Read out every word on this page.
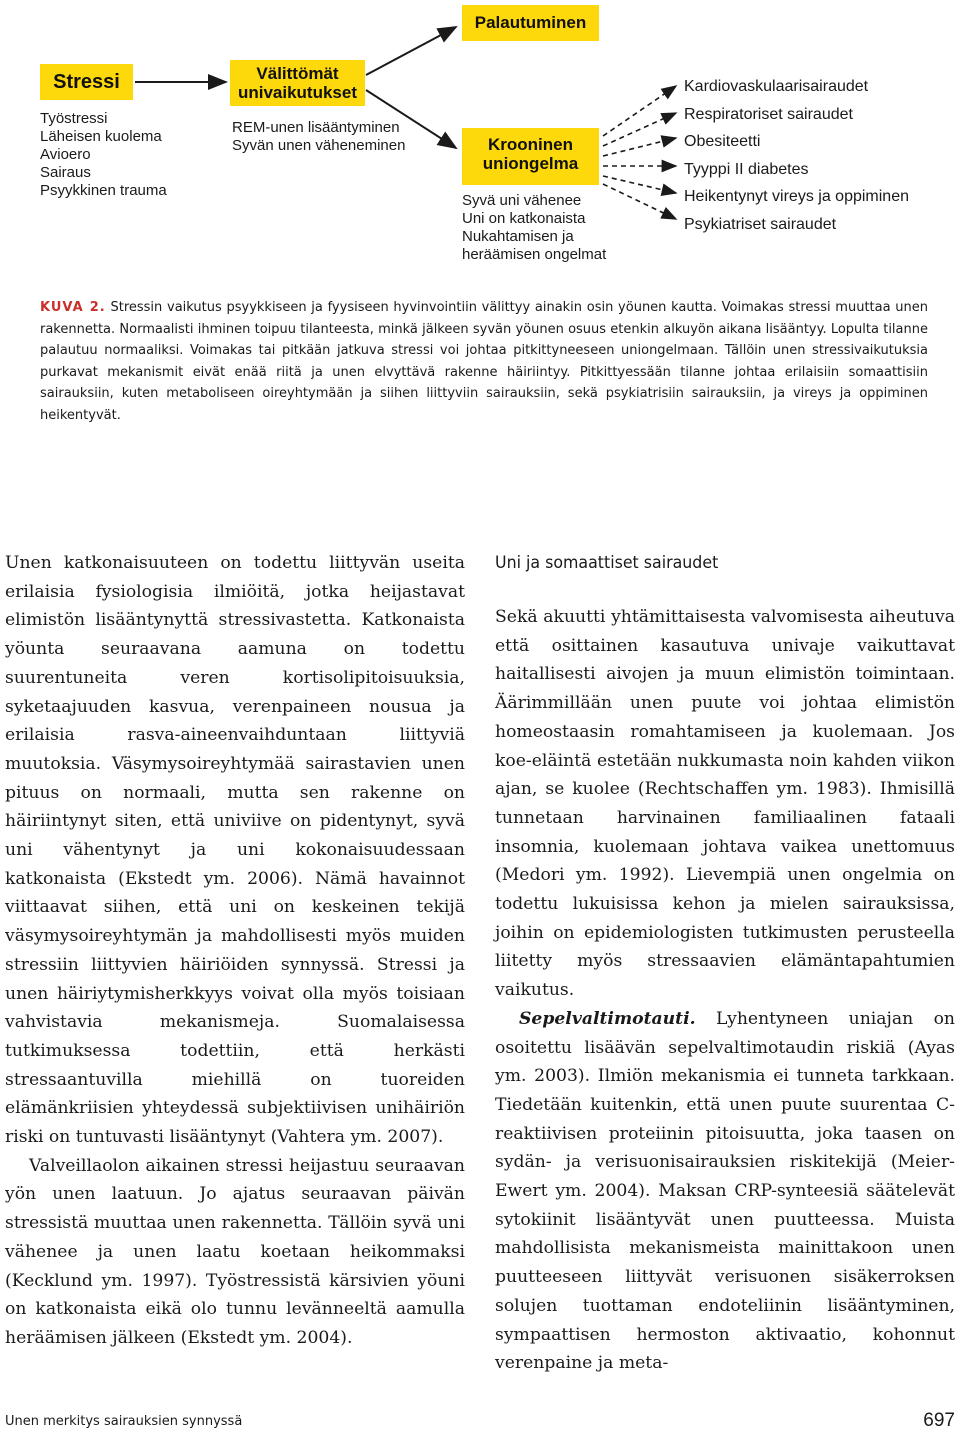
Stressi
Työstressi
Läheisen kuolema
Avioero
Sairaus
Psyykkinen trauma
Välittömät
univaikutukset
REM-unen lisääntyminen
Syvän unen väheneminen
Palautuminen
Krooninen
uniongelma
Syvä uni vähenee
Uni on katkonaista
Nukahtamisen ja
heräämisen ongelmat
Kardiovaskulaarisairaudet
Respiratoriset sairaudet
Obesiteetti
Tyyppi II diabetes
Heikentynyt vireys ja oppiminen
Psykiatriset sairaudet
KUVA 2. Stressin vaikutus psyykkiseen ja fyysiseen hyvinvointiin välittyy ainakin osin yöunen kautta. Voimakas stressi muuttaa unen rakennetta. Normaalisti ihminen toipuu tilanteesta, minkä jälkeen syvän yöunen osuus etenkin alkuyön aikana lisääntyy. Lopulta tilanne palautuu normaaliksi. Voimakas tai pitkään jatkuva stressi voi johtaa pitkittyneeseen uniongelmaan. Tällöin unen stressivaikutuksia purkavat mekanismit eivät enää riitä ja unen elvyttävä rakenne häiriintyy. Pitkittyessään tilanne johtaa erilaisiin somaattisiin sairauksiin, kuten metaboliseen oireyhtymään ja siihen liittyviin sairauksiin, sekä psykiatrisiin sairauksiin, ja vireys ja oppiminen heikentyvät.

Unen katkonaisuuteen on todettu liittyvän useita erilaisia fysiologisia ilmiöitä, jotka heijastavat elimistön lisääntynyttä stressivastetta. Katkonaista yöunta seuraavana aamuna on todettu suurentuneita veren kortisolipitoisuuksia, syketaajuuden kasvua, verenpaineen nousua ja erilaisia rasva-aineenvaihduntaan liittyviä muutoksia. Väsymysoireyhtymää sairastavien unen pituus on normaali, mutta sen rakenne on häiriintynyt siten, että univiive on pidentynyt, syvä uni vähentynyt ja uni kokonaisuudessaan katkonaista (Ekstedt ym. 2006). Nämä havainnot viittaavat siihen, että uni on keskeinen tekijä väsymysoireyhtymän ja mahdollisesti myös muiden stressiin liittyvien häiriöiden synnyssä. Stressi ja unen häiriytymisherkkyys voivat olla myös toisiaan vahvistavia mekanismeja. Suomalaisessa tutkimuksessa todettiin, että herkästi stressaantuvilla miehillä on tuoreiden elämänkriisien yhteydessä subjektiivisen unihäiriön riski on tuntuvasti lisääntynyt (Vahtera ym. 2007).

Valveillaolon aikainen stressi heijastuu seuraavan yön unen laatuun. Jo ajatus seuraavan päivän stressistä muuttaa unen rakennetta. Tällöin syvä uni vähenee ja unen laatu koetaan heikommaksi (Kecklund ym. 1997). Työstressistä kärsivien yöuni on katkonaista eikä olo tunnu levänneeltä aamulla heräämisen jälkeen (Ekstedt ym. 2004).

Uni ja somaattiset sairaudet

Sekä akuutti yhtämittaisesta valvomisesta aiheutuva että osittainen kasautuva univaje vaikuttavat haitallisesti aivojen ja muun elimistön toimintaan. Äärimmillään unen puute voi johtaa elimistön homeostaasin romahtamiseen ja kuolemaan. Jos koe-eläintä estetään nukkumasta noin kahden viikon ajan, se kuolee (Rechtschaffen ym. 1983). Ihmisillä tunnetaan harvinainen familiaalinen fataali insomnia, kuolemaan johtava vaikea unettomuus (Medori ym. 1992). Lievempiä unen ongelmia on todettu lukuisissa kehon ja mielen sairauksissa, joihin on epidemiologisten tutkimusten perusteella liitetty myös stressaavien elämäntapahtumien vaikutus.

Sepelvaltimotauti. Lyhentyneen uniajan on osoitettu lisäävän sepelvaltimotaudin riskiä (Ayas ym. 2003). Ilmiön mekanismia ei tunneta tarkkaan. Tiedetään kuitenkin, että unen puute suurentaa C-reaktiivisen proteiinin pitoisuutta, joka taasen on sydän- ja verisuonisairauksien riskitekijä (Meier-Ewert ym. 2004). Maksan CRP-synteesiä säätelevät sytokiinit lisääntyvät unen puutteessa. Muista mahdollisista mekanismeista mainittakoon unen puutteeseen liittyvät verisuonen sisäkerroksen solujen tuottaman endoteliinin lisääntyminen, sympaattisen hermoston aktivaatio, kohonnut verenpaine ja meta-

Unen merkitys sairauksien synnyssä	697
